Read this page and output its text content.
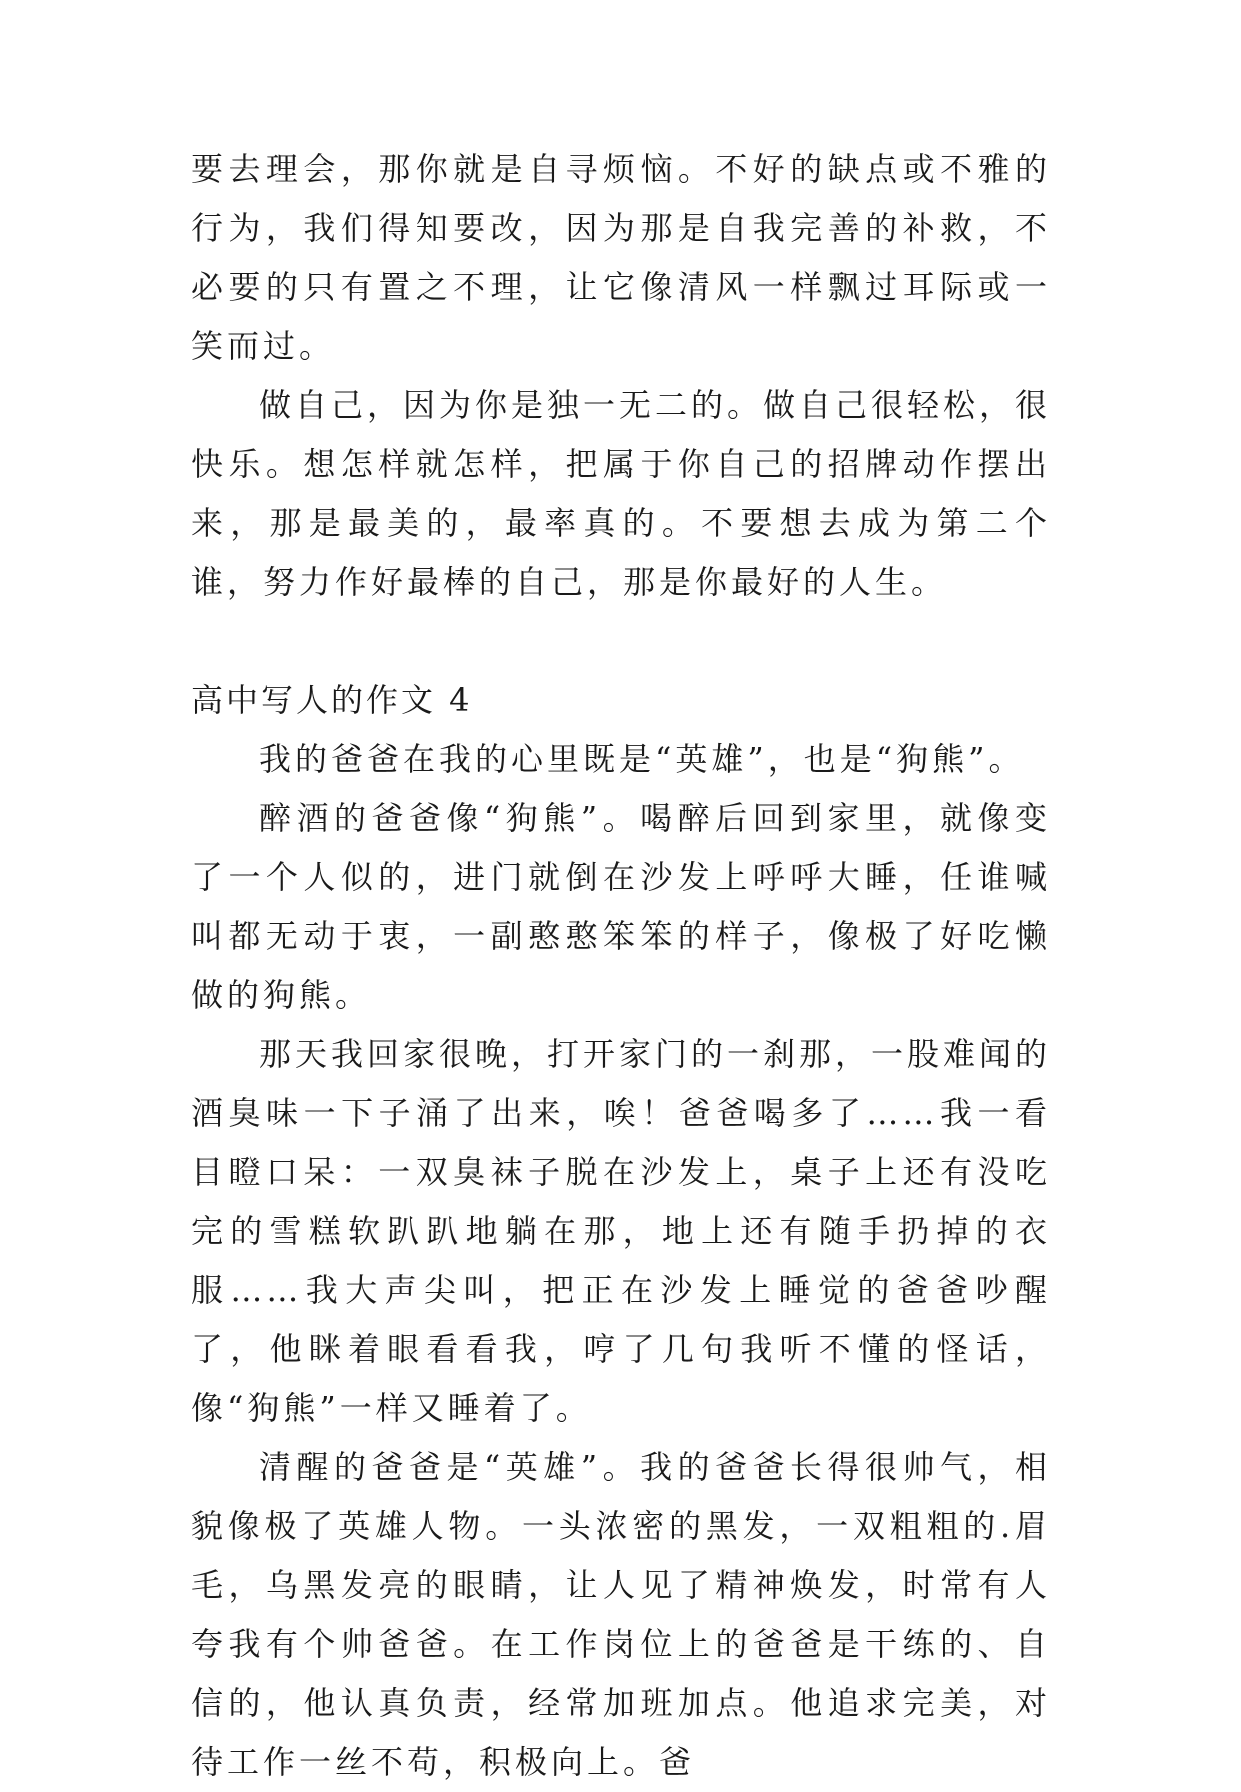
要去理会，那你就是自寻烦恼。不好的缺点或不雅的行为，我们得知要改，因为那是自我完善的补救，不必要的只有置之不理，让它像清风一样飘过耳际或一笑而过。

做自己，因为你是独一无二的。做自己很轻松，很快乐。想怎样就怎样，把属于你自己的招牌动作摆出来，那是最美的，最率真的。不要想去成为第二个谁，努力作好最棒的自己，那是你最好的人生。

高中写人的作文 4

我的爸爸在我的心里既是“英雄”，也是“狗熊”。

醉酒的爸爸像“狗熊”。喝醉后回到家里，就像变了一个人似的，进门就倒在沙发上呼呼大睡，任谁喊叫都无动于衷，一副憨憨笨笨的样子，像极了好吃懒做的狗熊。

那天我回家很晚，打开家门的一刹那，一股难闻的酒臭味一下子涌了出来，唉！爸爸喝多了……我一看目瞪口呆：一双臭袜子脱在沙发上，桌子上还有没吃完的雪糕软趴趴地躺在那，地上还有随手扔掉的衣服……我大声尖叫，把正在沙发上睡觉的爸爸吵醒了，他眯着眼看看我，哼了几句我听不懂的怪话，像“狗熊”一样又睡着了。

清醒的爸爸是“英雄”。我的爸爸长得很帅气，相貌像极了英雄人物。一头浓密的黑发，一双粗粗的.眉毛，乌黑发亮的眼睛，让人见了精神焕发，时常有人夸我有个帅爸爸。在工作岗位上的爸爸是干练的、自信的，他认真负责，经常加班加点。他追求完美，对待工作一丝不苟，积极向上。爸
